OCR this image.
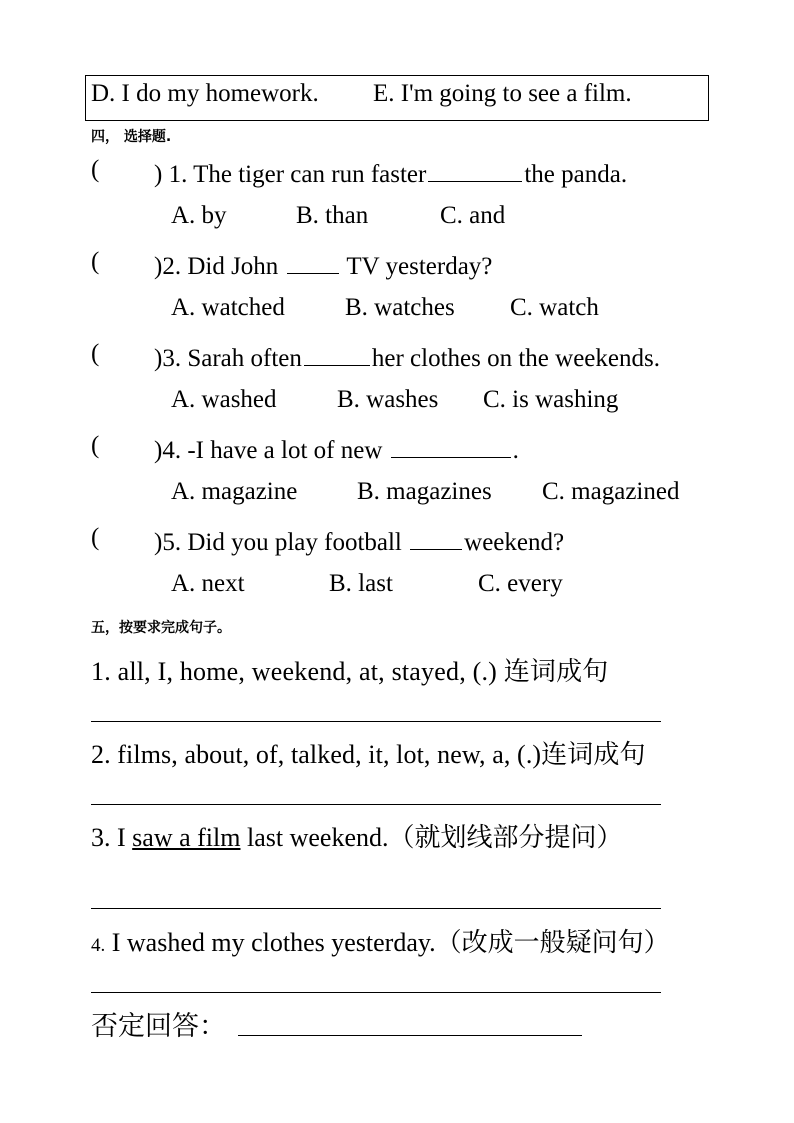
D. I do my homework. E. I'm going to see a film.
四， 选择题.
( ) 1. The tiger can run faster	the panda.
A. by	B. than	C. and
( )2. Did John	TV yesterday?
A. watched B. watches C. watch
( )3. Sarah often	her clothes on the weekends.
A. washed B. washes C. is washing
( )4. -I have a lot of new	.
A. magazine B. magazines C. magazined
( )5. Did you play football weekend?
A. next	B. last	C. every
五，按要求完成句子。
1. all, I, home, weekend, at, stayed, (.) 连词成句
2. films, about, of, talked, it, lot, new, a, (.)连词成句
3. I saw a film last weekend.（就划线部分提问）
4. I washed my clothes yesterday.（改成一般疑问句）
否定回答：
